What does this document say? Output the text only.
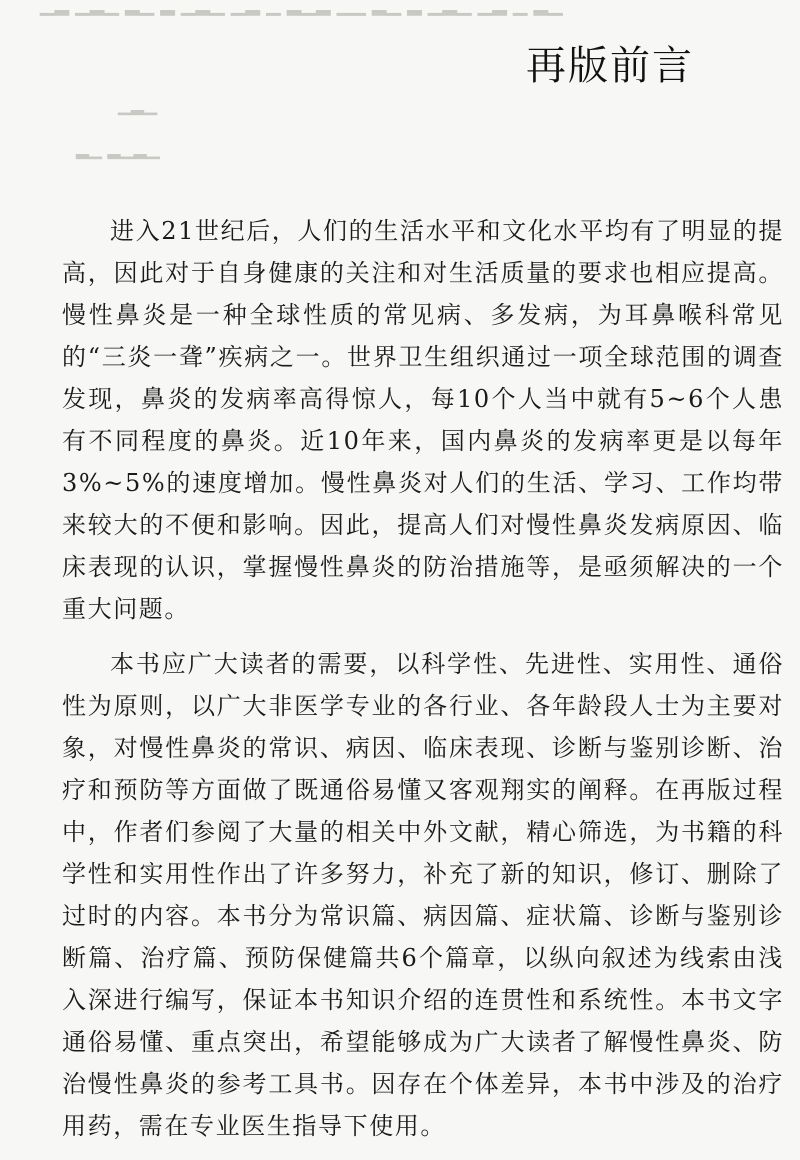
▁▂ ▁ ▂▁ ▁▂▁ ▂ ▁▂ ▁▁ ▂▁▂ ▁ ▂▁ ▁▂▁ ▂ ▁▂ ▁▂▁ ▂▁
▁▂▁
▁▂▁▂ ▁▂
再版前言

进入21世纪后，人们的生活水平和文化水平均有了明显的提高，因此对于自身健康的关注和对生活质量的要求也相应提高。慢性鼻炎是一种全球性质的常见病、多发病，为耳鼻喉科常见的“三炎一聋”疾病之一。世界卫生组织通过一项全球范围的调查发现，鼻炎的发病率高得惊人，每10个人当中就有5~6个人患有不同程度的鼻炎。近10年来，国内鼻炎的发病率更是以每年3%~5%的速度增加。慢性鼻炎对人们的生活、学习、工作均带来较大的不便和影响。因此，提高人们对慢性鼻炎发病原因、临床表现的认识，掌握慢性鼻炎的防治措施等，是亟须解决的一个重大问题。

本书应广大读者的需要，以科学性、先进性、实用性、通俗性为原则，以广大非医学专业的各行业、各年龄段人士为主要对象，对慢性鼻炎的常识、病因、临床表现、诊断与鉴别诊断、治疗和预防等方面做了既通俗易懂又客观翔实的阐释。在再版过程中，作者们参阅了大量的相关中外文献，精心筛选，为书籍的科学性和实用性作出了许多努力，补充了新的知识，修订、删除了过时的内容。本书分为常识篇、病因篇、症状篇、诊断与鉴别诊断篇、治疗篇、预防保健篇共6个篇章，以纵向叙述为线索由浅入深进行编写，保证本书知识介绍的连贯性和系统性。本书文字通俗易懂、重点突出，希望能够成为广大读者了解慢性鼻炎、防治慢性鼻炎的参考工具书。因存在个体差异，本书中涉及的治疗用药，需在专业医生指导下使用。
